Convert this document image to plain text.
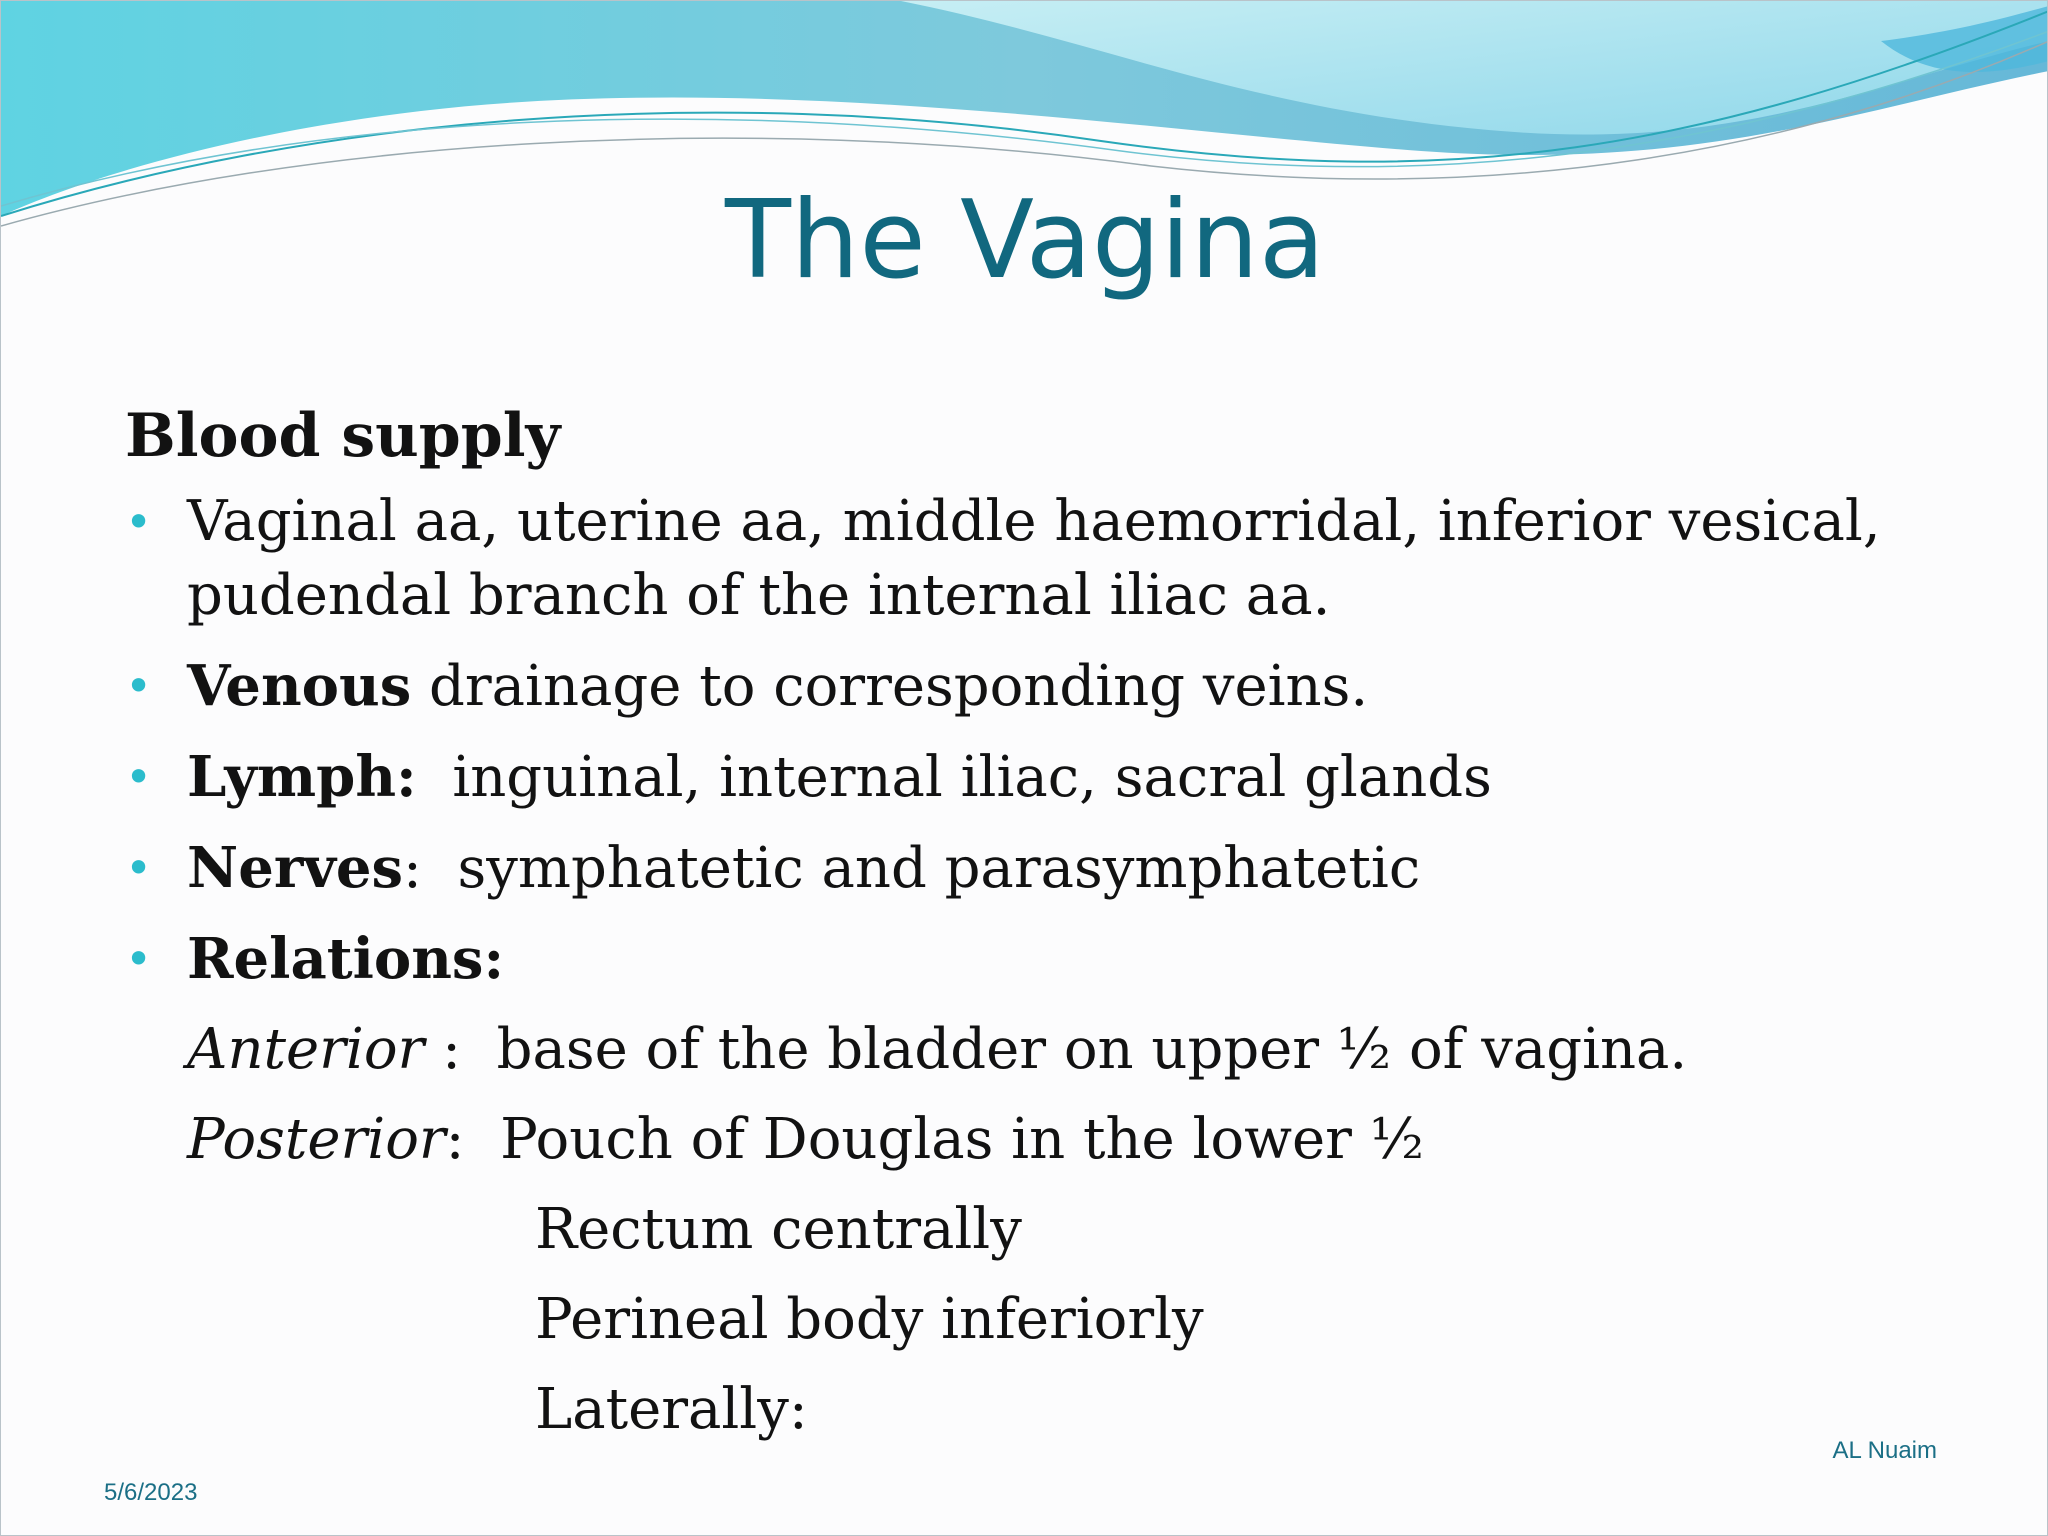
The Vagina
Blood supply
• Vaginal aa, uterine aa, middle haemorridal, inferior vesical, pudendal branch of the internal iliac aa.
• Venous drainage to corresponding veins.
• Lymph:  inguinal, internal iliac, sacral glands
• Nerves:  symphatetic and parasymphatetic
• Relations:
Anterior :  base of the bladder on upper ½ of vagina.
Posterior:  Pouch of Douglas in the lower ½
Rectum centrally
Perineal body inferiorly
Laterally:
AL Nuaim
5/6/2023
